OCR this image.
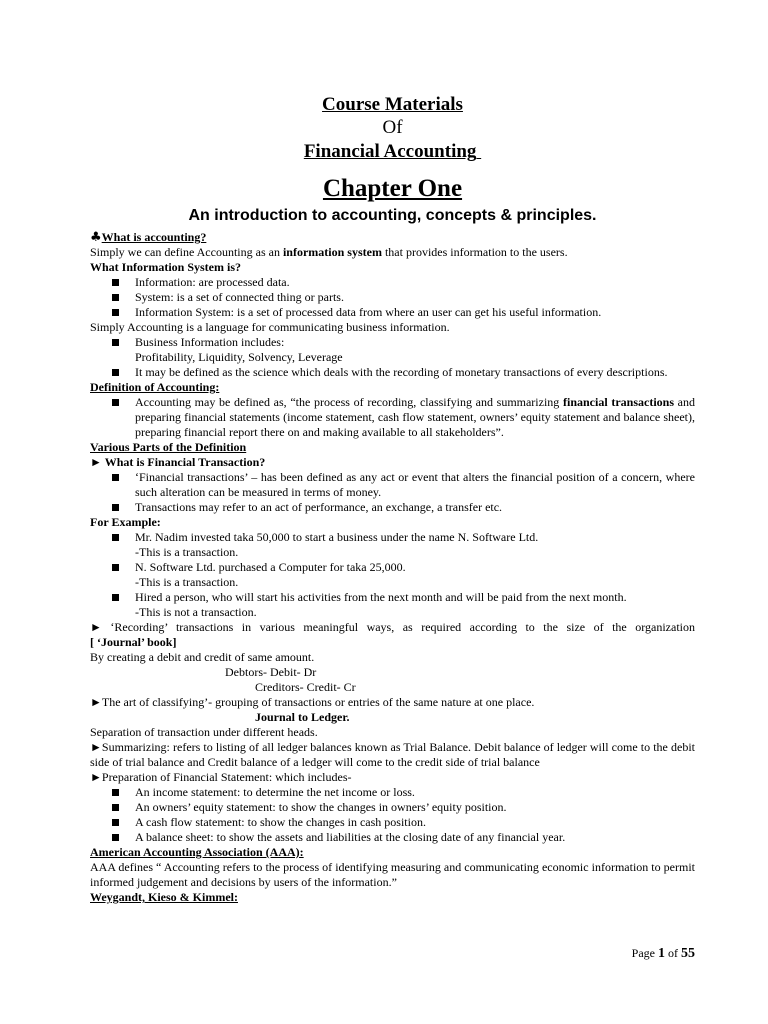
Course Materials
Of
Financial Accounting
Chapter One
An introduction to accounting, concepts & principles.
♣What is accounting?
Simply we can define Accounting as an information system that provides information to the users.
What Information System is?
Information: are processed data.
System: is a set of connected thing or parts.
Information System: is a set of processed data from where an user can get his useful information.
Simply Accounting is a language for communicating business information.
Business Information includes:
Profitability, Liquidity, Solvency, Leverage
It may be defined as the science which deals with the recording of monetary transactions of every descriptions.
Definition of Accounting:
Accounting may be defined as, “the process of recording, classifying and summarizing financial transactions and preparing financial statements (income statement, cash flow statement, owners’ equity statement and balance sheet), preparing financial report there on and making available to all stakeholders”.
Various Parts of the Definition
► What is Financial Transaction?
‘Financial transactions’ – has been defined as any act or event that alters the financial position of a concern, where such alteration can be measured in terms of money.
Transactions may refer to an act of performance, an exchange, a transfer etc.
For Example:
Mr. Nadim invested taka 50,000 to start a business under the name N. Software Ltd.
-This is a transaction.
N. Software Ltd. purchased a Computer for taka 25,000.
-This is a transaction.
Hired a person, who will start his activities from the next month and will be paid from the next month.
-This is not a transaction.
► ‘Recording’ transactions in various meaningful ways, as required according to the size of the organization
[ ‘Journal’ book]
By creating a debit and credit of same amount.
Debtors- Debit- Dr
Creditors- Credit- Cr
►The art of classifying’- grouping of transactions or entries of the same nature at one place.
Journal to Ledger.
Separation of transaction under different heads.
►Summarizing: refers to listing of all ledger balances known as Trial Balance. Debit balance of ledger will come to the debit side of trial balance and Credit balance of a ledger will come to the credit side of trial balance
►Preparation of Financial Statement: which includes-
An income statement: to determine the net income or loss.
An owners’ equity statement: to show the changes in owners’ equity position.
A cash flow statement: to show the changes in cash position.
A balance sheet: to show the assets and liabilities at the closing date of any financial year.
American Accounting Association (AAA):
AAA defines “ Accounting refers to the process of identifying measuring and communicating economic information to permit informed judgement and decisions by users of the information.”
Weygandt, Kieso & Kimmel:
Page 1 of 55
